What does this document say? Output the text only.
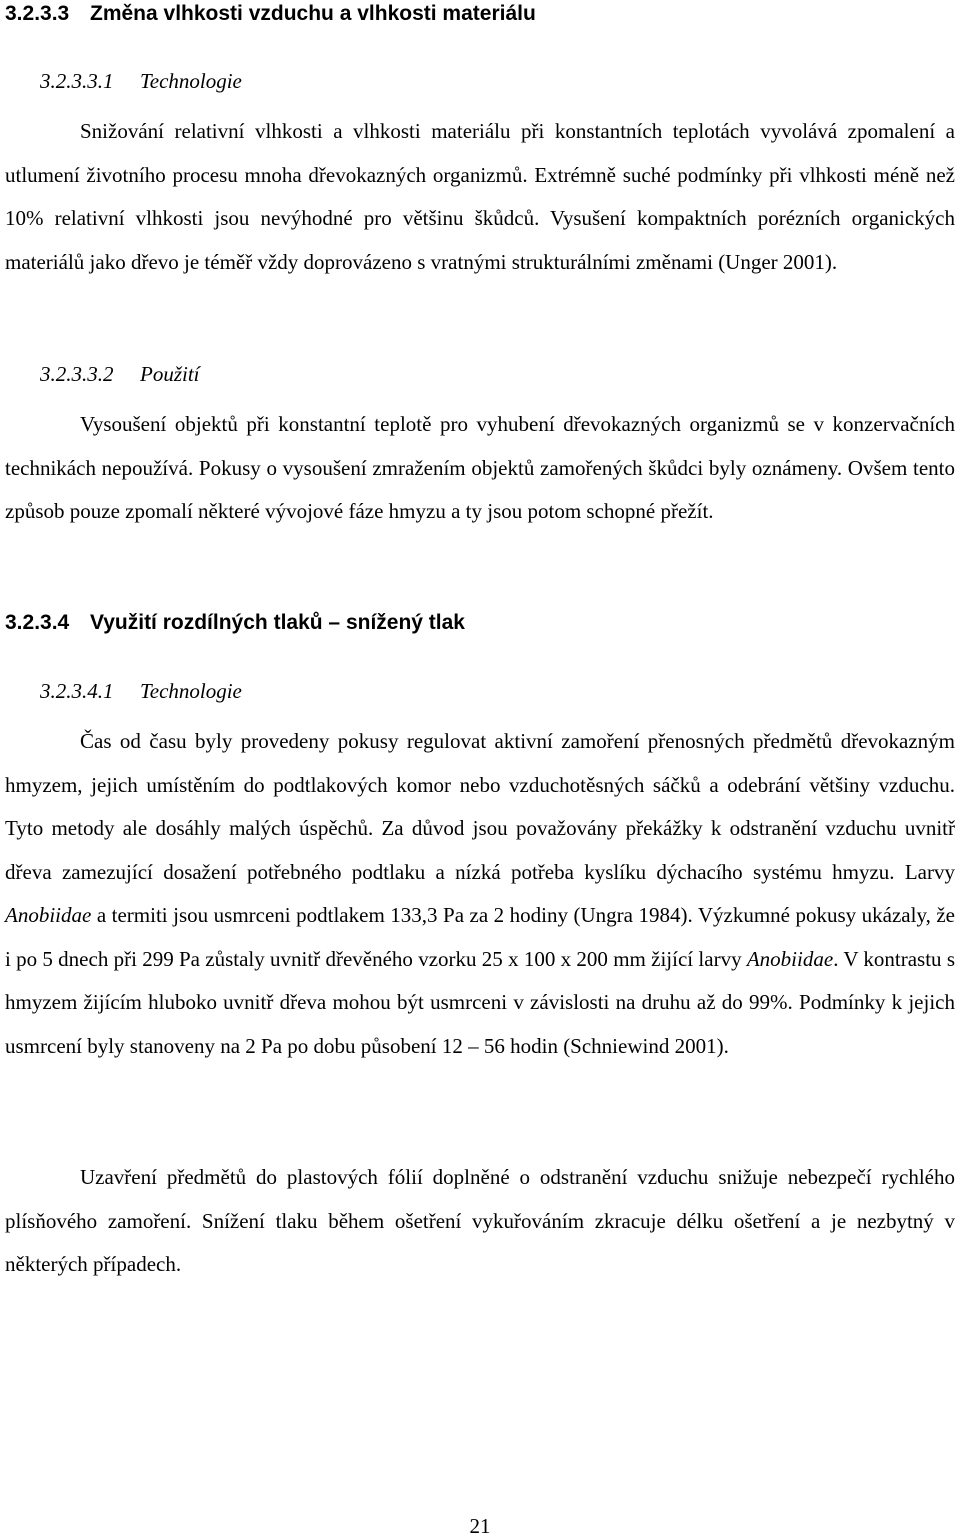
3.2.3.3 Změna vlhkosti vzduchu a vlhkosti materiálu
3.2.3.3.1 Technologie

Snižování relativní vlhkosti a vlhkosti materiálu při konstantních teplotách vyvolává zpomalení a utlumení životního procesu mnoha dřevokazných organizmů. Extrémně suché podmínky při vlhkosti méně než 10% relativní vlhkosti jsou nevýhodné pro většinu škůdců. Vysušení kompaktních porézních organických materiálů jako dřevo je téměř vždy doprovázeno s vratnými strukturálními změnami (Unger 2001).

3.2.3.3.2 Použití

Vysoušení objektů při konstantní teplotě pro vyhubení dřevokazných organizmů se v konzervačních technikách nepoužívá. Pokusy o vysoušení zmražením objektů zamořených škůdci byly oznámeny. Ovšem tento způsob pouze zpomalí některé vývojové fáze hmyzu a ty jsou potom schopné přežít.

3.2.3.4 Využití rozdílných tlaků – snížený tlak
3.2.3.4.1 Technologie

Čas od času byly provedeny pokusy regulovat aktivní zamoření přenosných předmětů dřevokazným hmyzem, jejich umístěním do podtlakových komor nebo vzduchotěsných sáčků a odebrání většiny vzduchu. Tyto metody ale dosáhly malých úspěchů. Za důvod jsou považovány překážky k odstranění vzduchu uvnitř dřeva zamezující dosažení potřebného podtlaku a nízká potřeba kyslíku dýchacího systému hmyzu. Larvy Anobiidae a termiti jsou usmrceni podtlakem 133,3 Pa za 2 hodiny (Ungra 1984). Výzkumné pokusy ukázaly, že i po 5 dnech při 299 Pa zůstaly uvnitř dřevěného vzorku 25 x 100 x 200 mm žijící larvy Anobiidae. V kontrastu s hmyzem žijícím hluboko uvnitř dřeva mohou být usmrceni v závislosti na druhu až do 99%. Podmínky k jejich usmrcení byly stanoveny na 2 Pa po dobu působení 12 – 56 hodin (Schniewind 2001).

Uzavření předmětů do plastových fólií doplněné o odstranění vzduchu snižuje nebezpečí rychlého plísňového zamoření. Snížení tlaku během ošetření vykuřováním zkracuje délku ošetření a je nezbytný v některých případech.

21
